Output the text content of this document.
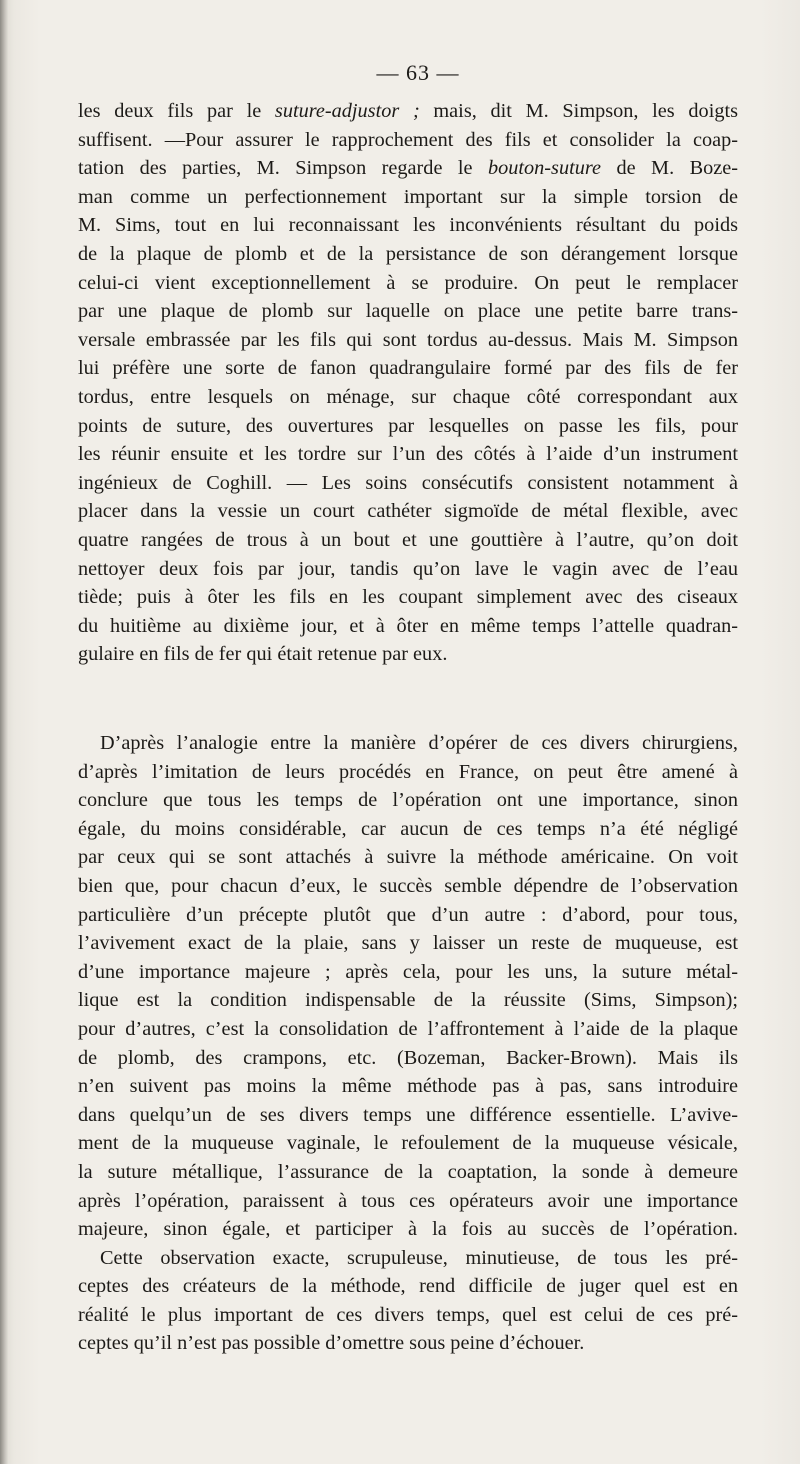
— 63 —
les deux fils par le suture-adjustor ; mais, dit M. Simpson, les doigts
suffisent. —Pour assurer le rapprochement des fils et consolider la coap-
tation des parties, M. Simpson regarde le bouton-suture de M. Boze-
man comme un perfectionnement important sur la simple torsion de
M. Sims, tout en lui reconnaissant les inconvénients résultant du poids
de la plaque de plomb et de la persistance de son dérangement lorsque
celui-ci vient exceptionnellement à se produire. On peut le remplacer
par une plaque de plomb sur laquelle on place une petite barre trans-
versale embrassée par les fils qui sont tordus au-dessus. Mais M. Simpson
lui préfère une sorte de fanon quadrangulaire formé par des fils de fer
tordus, entre lesquels on ménage, sur chaque côté correspondant aux
points de suture, des ouvertures par lesquelles on passe les fils, pour
les réunir ensuite et les tordre sur l’un des côtés à l’aide d’un instrument
ingénieux de Coghill. — Les soins consécutifs consistent notamment à
placer dans la vessie un court cathéter sigmoïde de métal flexible, avec
quatre rangées de trous à un bout et une gouttière à l’autre, qu’on doit
nettoyer deux fois par jour, tandis qu’on lave le vagin avec de l’eau
tiède; puis à ôter les fils en les coupant simplement avec des ciseaux
du huitième au dixième jour, et à ôter en même temps l’attelle quadran-
gulaire en fils de fer qui était retenue par eux.
D’après l’analogie entre la manière d’opérer de ces divers chirurgiens,
d’après l’imitation de leurs procédés en France, on peut être amené à
conclure que tous les temps de l’opération ont une importance, sinon
égale, du moins considérable, car aucun de ces temps n’a été négligé
par ceux qui se sont attachés à suivre la méthode américaine. On voit
bien que, pour chacun d’eux, le succès semble dépendre de l’observation
particulière d’un précepte plutôt que d’un autre : d’abord, pour tous,
l’avivement exact de la plaie, sans y laisser un reste de muqueuse, est
d’une importance majeure ; après cela, pour les uns, la suture métal-
lique est la condition indispensable de la réussite (Sims, Simpson);
pour d’autres, c’est la consolidation de l’affrontement à l’aide de la plaque
de plomb, des crampons, etc. (Bozeman, Backer-Brown). Mais ils
n’en suivent pas moins la même méthode pas à pas, sans introduire
dans quelqu’un de ses divers temps une différence essentielle. L’avive-
ment de la muqueuse vaginale, le refoulement de la muqueuse vésicale,
la suture métallique, l’assurance de la coaptation, la sonde à demeure
après l’opération, paraissent à tous ces opérateurs avoir une importance
majeure, sinon égale, et participer à la fois au succès de l’opération.
Cette observation exacte, scrupuleuse, minutieuse, de tous les pré-
ceptes des créateurs de la méthode, rend difficile de juger quel est en
réalité le plus important de ces divers temps, quel est celui de ces pré-
ceptes qu’il n’est pas possible d’omettre sous peine d’échouer.
